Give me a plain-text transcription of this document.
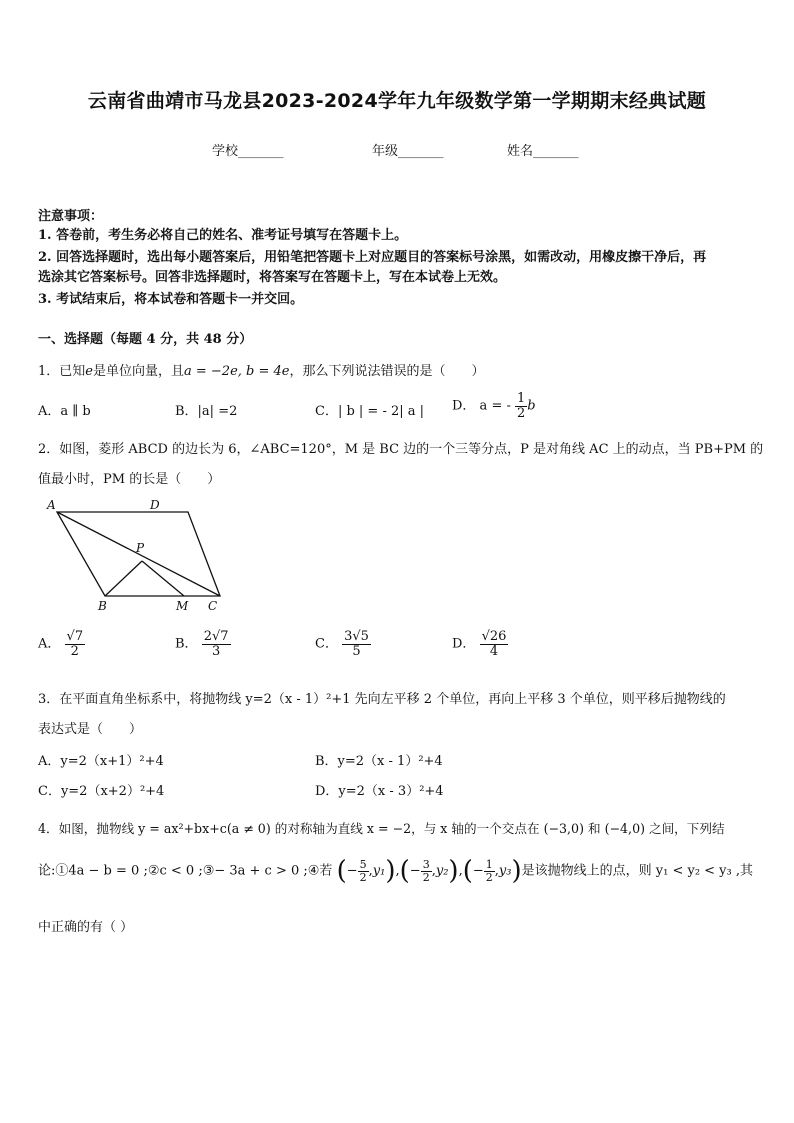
云南省曲靖市马龙县2023-2024学年九年级数学第一学期期末经典试题
学校_______	年级_______	姓名_______
注意事项：
1. 答卷前，考生务必将自己的姓名、准考证号填写在答题卡上。
2. 回答选择题时，选出每小题答案后，用铅笔把答题卡上对应题目的答案标号涂黑，如需改动，用橡皮擦干净后，再
选涂其它答案标号。回答非选择题时，将答案写在答题卡上，写在本试卷上无效。
3. 考试结束后，将本试卷和答题卡一并交回。
一、选择题（每题 4 分，共 48 分）
1．已知e是单位向量，且a = −2e, b = 4e，那么下列说法错误的是（　　）
A．a ∥ b	B．|a| =2	C．| b | = - 2| a | D． a = - $\frac{1}{2}$ b
2．如图，菱形 ABCD 的边长为 6，∠ABC=120°，M 是 BC 边的一个三等分点，P 是对角线 AC 上的动点，当 PB+PM 的
值最小时，PM 的长是（　　）
A	D
P
B	M C
A． $\frac{√7}{2}$	B． $\frac{2√7}{3}$	C． $\frac{3√5}{5}$	D． $\frac{√26}{4}$
3．在平面直角坐标系中，将抛物线 y=2（x - 1）²+1 先向左平移 2 个单位，再向上平移 3 个单位，则平移后抛物线的
表达式是（　　）
A．y=2（x+1）²+4	B．y=2（x - 1）²+4
C．y=2（x+2）²+4	D．y=2（x - 3）²+4
4．如图，抛物线 y = ax²+bx+c(a ≠ 0) 的对称轴为直线 x = −2，与 x 轴的一个交点在 (−3,0) 和 (−4,0) 之间，下列结
论:①4a − b = 0 ;②c < 0 ;③− 3a + c > 0 ;④若 (− $\frac{5}{2} ,y_1),(- \frac{3}{2} ,y_2),(- \frac{1}{2} ,y_3)$是该抛物线上的点，则 y₁ < y₂ < y₃ ,其
中正确的有（ ）
